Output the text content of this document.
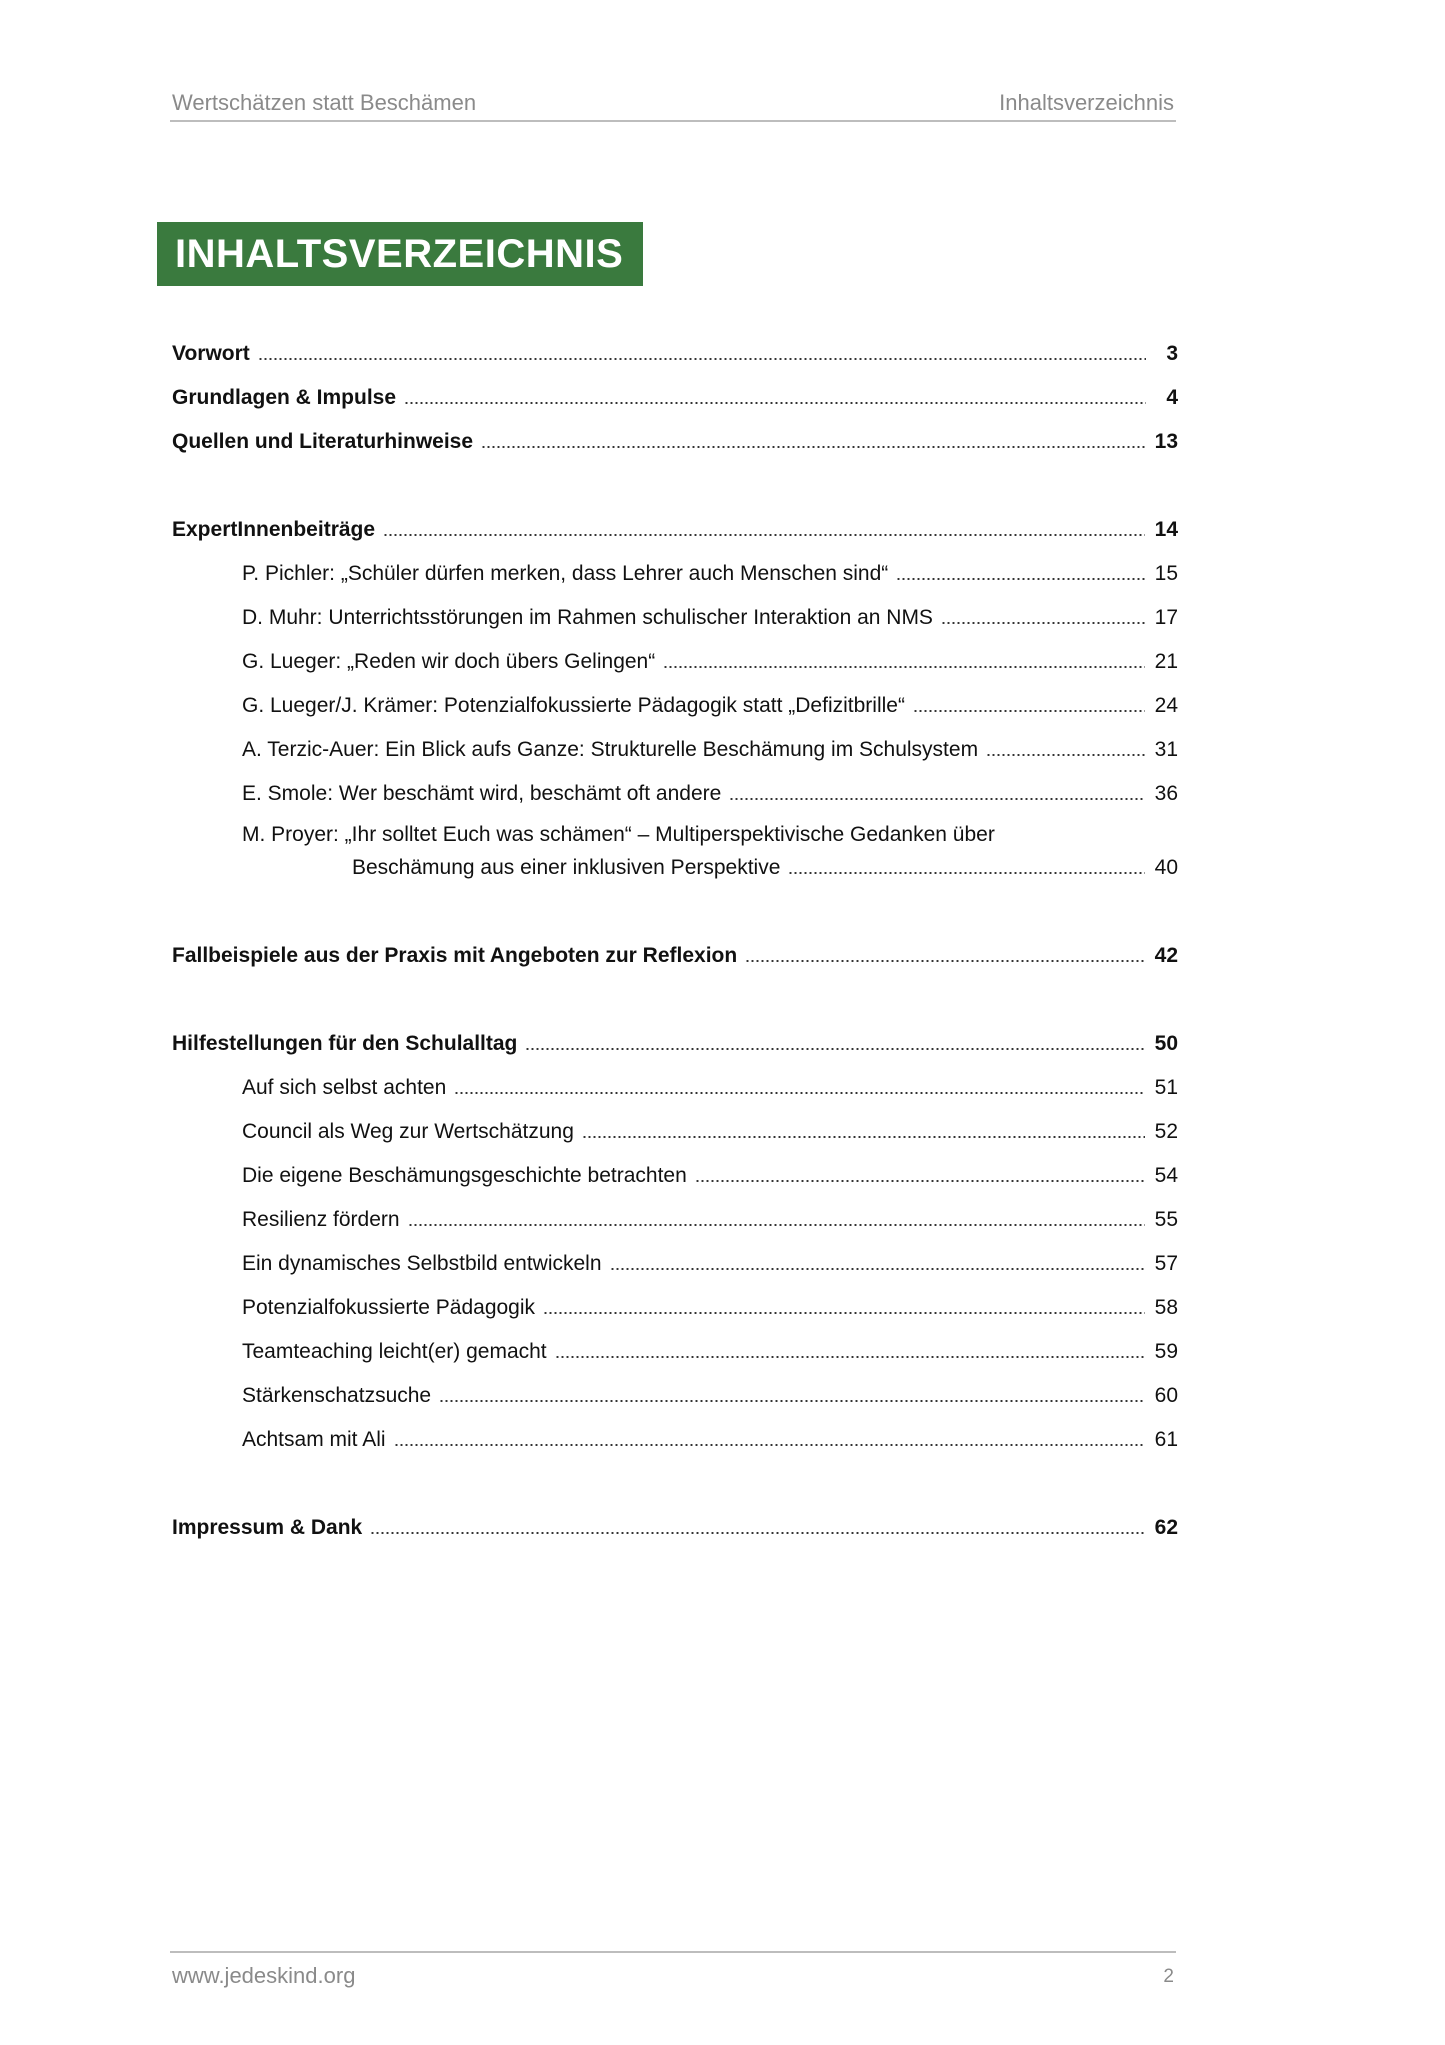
Wertschätzen statt Beschämen	Inhaltsverzeichnis
INHALTSVERZEICHNIS
Vorwort	3
Grundlagen & Impulse	4
Quellen und Literaturhinweise	13
ExpertInnenbeiträge	14
P. Pichler: „Schüler dürfen merken, dass Lehrer auch Menschen sind“	15
D. Muhr: Unterrichtsstörungen im Rahmen schulischer Interaktion an NMS	17
G. Lueger: „Reden wir doch übers Gelingen“	21
G. Lueger/J. Krämer: Potenzialfokussierte Pädagogik statt „Defizitbrille“	24
A. Terzic-Auer: Ein Blick aufs Ganze: Strukturelle Beschämung im Schulsystem	31
E. Smole: Wer beschämt wird, beschämt oft andere	36
M. Proyer: „Ihr solltet Euch was schämen“ – Multiperspektivische Gedanken über
Beschämung aus einer inklusiven Perspektive	40
Fallbeispiele aus der Praxis mit Angeboten zur Reflexion	42
Hilfestellungen für den Schulalltag	50
Auf sich selbst achten	51
Council als Weg zur Wertschätzung	52
Die eigene Beschämungsgeschichte betrachten	54
Resilienz fördern	55
Ein dynamisches Selbstbild entwickeln	57
Potenzialfokussierte Pädagogik	58
Teamteaching leicht(er) gemacht	59
Stärkenschatzsuche	60
Achtsam mit Ali	61
Impressum & Dank	62
www.jedeskind.org	2
